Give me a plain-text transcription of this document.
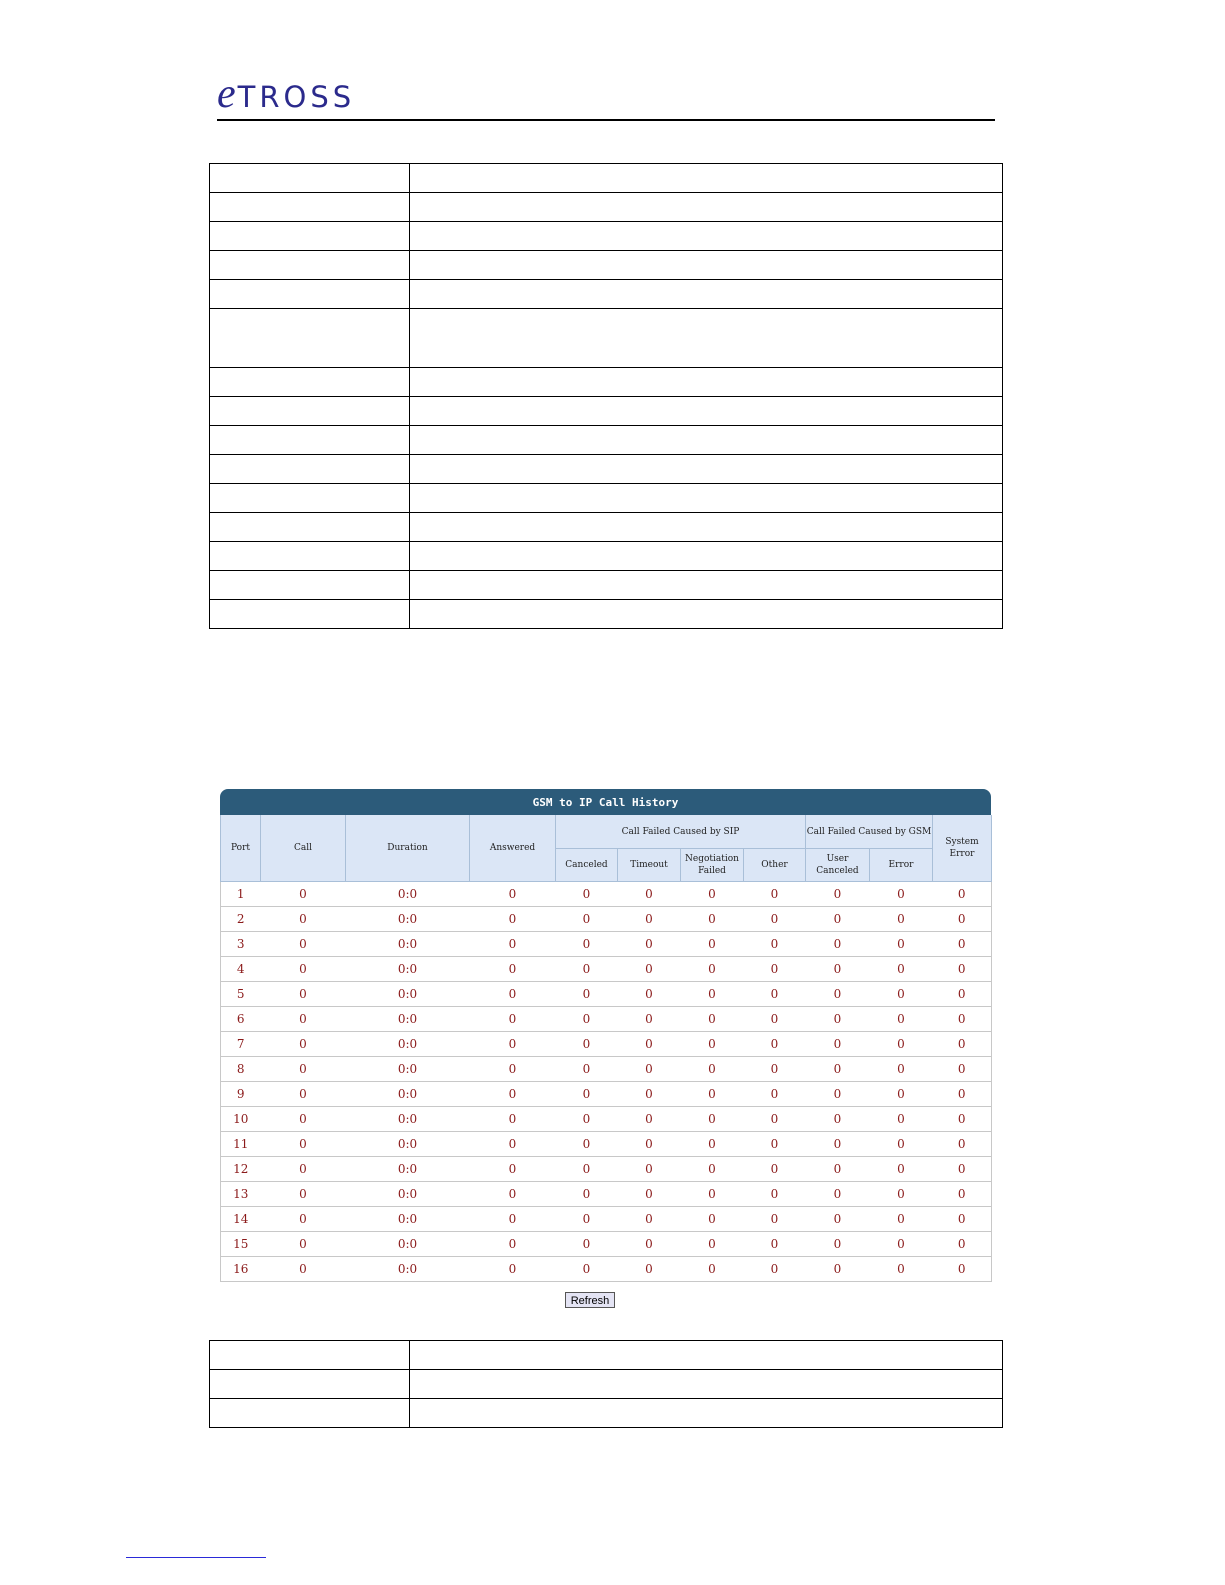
e TROSS

GSM to IP Call History
Port	Call	Duration	Answered	Call Failed Caused by SIP				Call Failed Caused by GSM		System Error
				Canceled	Timeout	Negotiation Failed	Other	User Canceled	Error	
1	0	0:0	0	0	0	0	0	0	0	0
2	0	0:0	0	0	0	0	0	0	0	0
3	0	0:0	0	0	0	0	0	0	0	0
4	0	0:0	0	0	0	0	0	0	0	0
5	0	0:0	0	0	0	0	0	0	0	0
6	0	0:0	0	0	0	0	0	0	0	0
7	0	0:0	0	0	0	0	0	0	0	0
8	0	0:0	0	0	0	0	0	0	0	0
9	0	0:0	0	0	0	0	0	0	0	0
10	0	0:0	0	0	0	0	0	0	0	0
11	0	0:0	0	0	0	0	0	0	0	0
12	0	0:0	0	0	0	0	0	0	0	0
13	0	0:0	0	0	0	0	0	0	0	0
14	0	0:0	0	0	0	0	0	0	0	0
15	0	0:0	0	0	0	0	0	0	0	0
16	0	0:0	0	0	0	0	0	0	0	0
Refresh
